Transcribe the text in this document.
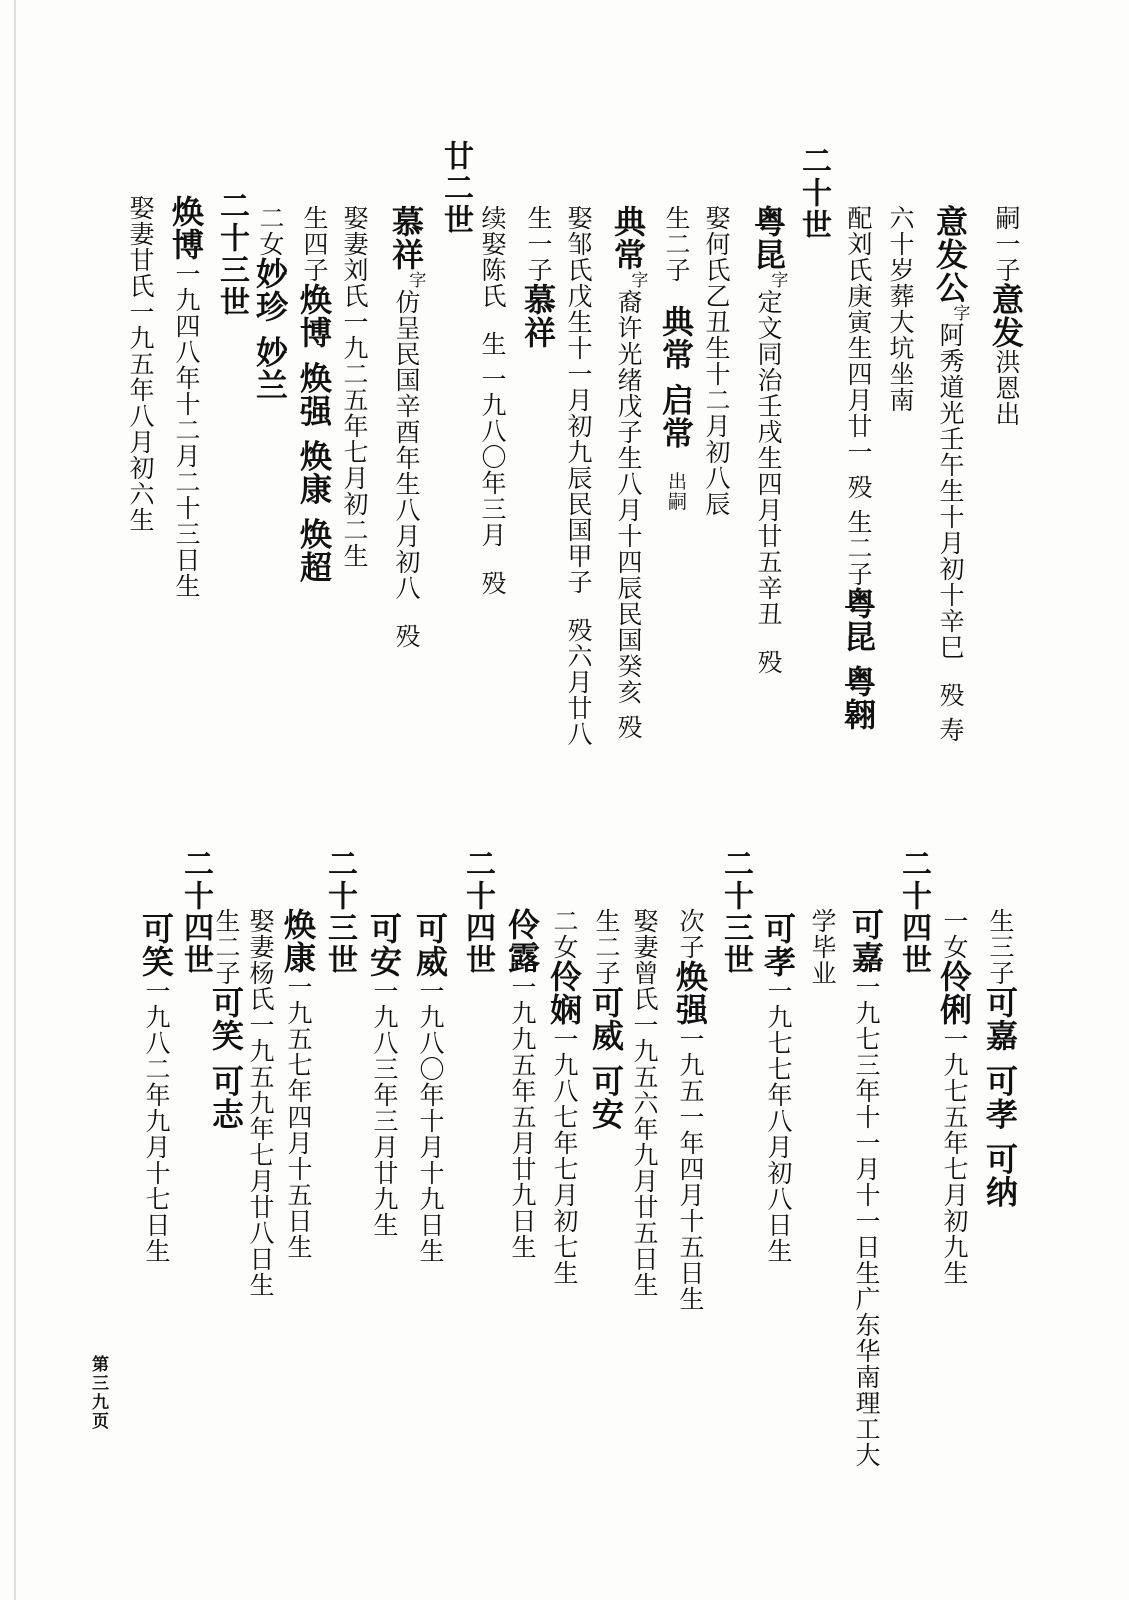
嗣一子意发洪恩出
意发公$^字$阿秀道光壬午生十月初十辛巳殁 寿
六十岁葬大坑坐南
配刘氏庚寅生四月廿一 殁 生二子粤昆 粤翱
二十世
粤昆$^字$定文同治壬戌生四月廿五辛丑殁
娶何氏乙丑生十二月初八辰
生二子典常 启常出嗣
典常$^字$裔许光绪戊子生八月十四辰民国癸亥 殁
娶邹氏戊生十一月初九辰民国甲子殁六月廿八
生一子慕祥
续娶陈氏生 一九八〇年三月殁
廿二世
慕祥$^字$仿呈民国辛酉年生八月初八殁
娶妻刘氏一九二五年七月初二生
生四子焕博 焕强 焕康 焕超
二女妙珍 妙兰
二十三世
焕博一九四八年十二月二十三日生
娶妻甘氏一九五年八月初六生
生三子可嘉 可孝 可纳
一女伶俐一九七五年七月初九生
二十四世
可嘉一九七三年十一月十一日生广东华南理工大
学毕业
二十三世 可孝一九七七年八月初八日生
次子焕强一九五一年四月十五日生
娶妻曾氏一九五六年九月廿五日生
生二子可威 可安
二女伶娴一九八七年七月初七生
伶露一九九五年五月廿九日生
二十四世
可威一九八〇年十月十九日生
可安一九八三年三月廿九生
二十三世
焕康一九五七年四月十五日生
娶妻杨氏一九五九年七月廿八日生
生二子可笑 可志
二十四世
可笑一九八二年九月十七日生
第三九页
